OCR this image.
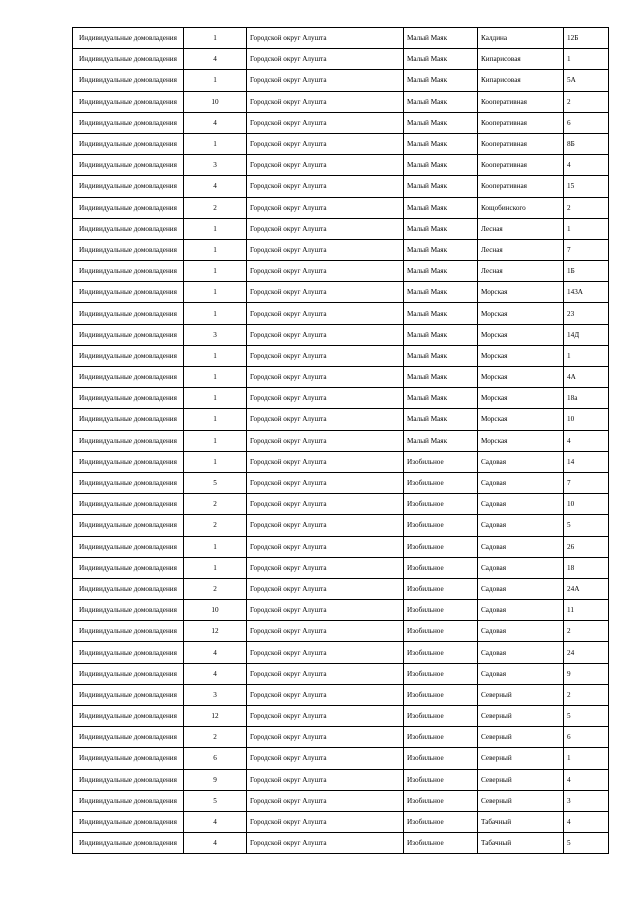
Индивидуальные домовладения	1	Городской округ Алушта	Малый Маяк	Калдина	12Б
Индивидуальные домовладения	4	Городской округ Алушта	Малый Маяк	Кипарисовая	1
Индивидуальные домовладения	1	Городской округ Алушта	Малый Маяк	Кипарисовая	5А
Индивидуальные домовладения	10	Городской округ Алушта	Малый Маяк	Кооперативная	2
Индивидуальные домовладения	4	Городской округ Алушта	Малый Маяк	Кооперативная	6
Индивидуальные домовладения	1	Городской округ Алушта	Малый Маяк	Кооперативная	8Б
Индивидуальные домовладения	3	Городской округ Алушта	Малый Маяк	Кооперативная	4
Индивидуальные домовладения	4	Городской округ Алушта	Малый Маяк	Кооперативная	15
Индивидуальные домовладения	2	Городской округ Алушта	Малый Маяк	Кощобинского	2
Индивидуальные домовладения	1	Городской округ Алушта	Малый Маяк	Лесная	1
Индивидуальные домовладения	1	Городской округ Алушта	Малый Маяк	Лесная	7
Индивидуальные домовладения	1	Городской округ Алушта	Малый Маяк	Лесная	1Б
Индивидуальные домовладения	1	Городской округ Алушта	Малый Маяк	Морская	143А
Индивидуальные домовладения	1	Городской округ Алушта	Малый Маяк	Морская	23
Индивидуальные домовладения	3	Городской округ Алушта	Малый Маяк	Морская	14Д
Индивидуальные домовладения	1	Городской округ Алушта	Малый Маяк	Морская	1
Индивидуальные домовладения	1	Городской округ Алушта	Малый Маяк	Морская	4А
Индивидуальные домовладения	1	Городской округ Алушта	Малый Маяк	Морская	18а
Индивидуальные домовладения	1	Городской округ Алушта	Малый Маяк	Морская	10
Индивидуальные домовладения	1	Городской округ Алушта	Малый Маяк	Морская	4
Индивидуальные домовладения	1	Городской округ Алушта	Изобильное	Садовая	14
Индивидуальные домовладения	5	Городской округ Алушта	Изобильное	Садовая	7
Индивидуальные домовладения	2	Городской округ Алушта	Изобильное	Садовая	10
Индивидуальные домовладения	2	Городской округ Алушта	Изобильное	Садовая	5
Индивидуальные домовладения	1	Городской округ Алушта	Изобильное	Садовая	26
Индивидуальные домовладения	1	Городской округ Алушта	Изобильное	Садовая	18
Индивидуальные домовладения	2	Городской округ Алушта	Изобильное	Садовая	24А
Индивидуальные домовладения	10	Городской округ Алушта	Изобильное	Садовая	11
Индивидуальные домовладения	12	Городской округ Алушта	Изобильное	Садовая	2
Индивидуальные домовладения	4	Городской округ Алушта	Изобильное	Садовая	24
Индивидуальные домовладения	4	Городской округ Алушта	Изобильное	Садовая	9
Индивидуальные домовладения	3	Городской округ Алушта	Изобильное	Северный	2
Индивидуальные домовладения	12	Городской округ Алушта	Изобильное	Северный	5
Индивидуальные домовладения	2	Городской округ Алушта	Изобильное	Северный	6
Индивидуальные домовладения	6	Городской округ Алушта	Изобильное	Северный	1
Индивидуальные домовладения	9	Городской округ Алушта	Изобильное	Северный	4
Индивидуальные домовладения	5	Городской округ Алушта	Изобильное	Северный	3
Индивидуальные домовладения	4	Городской округ Алушта	Изобильное	Табачный	4
Индивидуальные домовладения	4	Городской округ Алушта	Изобильное	Табачный	5
